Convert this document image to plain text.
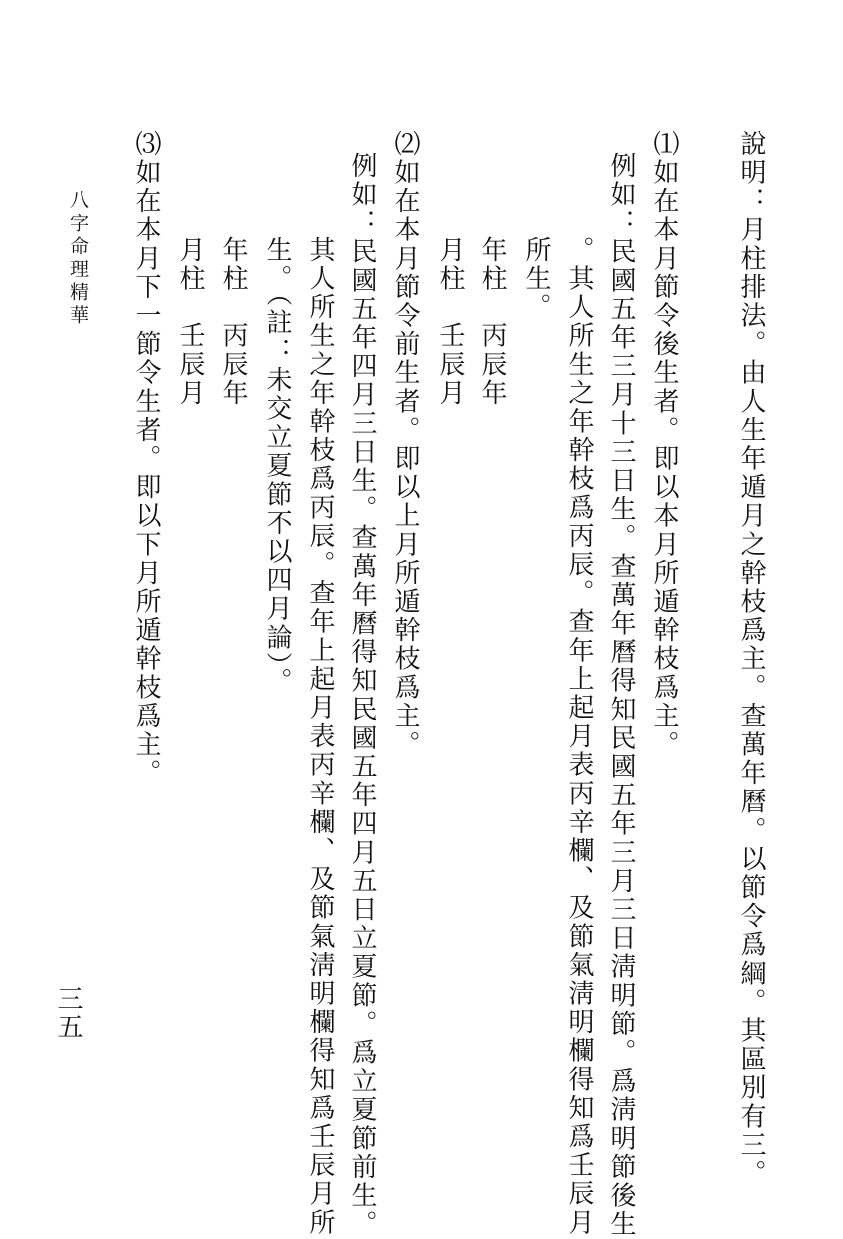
說明：月柱排法。由人生年遁月之幹枝爲主。查萬年曆。以節令爲綱。其區別有三。

⑴如在本月節令後生者。即以本月所遁幹枝爲主。

例如：民國五年三月十三日生。查萬年曆得知民國五年三月三日淸明節。爲淸明節後生

。其人所生之年幹枝爲丙辰。查年上起月表丙辛欄、及節氣淸明欄得知爲壬辰月

所生。

年柱　丙辰年

月柱　壬辰月

⑵如在本月節令前生者。即以上月所遁幹枝爲主。

例如：民國五年四月三日生。查萬年曆得知民國五年四月五日立夏節。爲立夏節前生。

其人所生之年幹枝爲丙辰。查年上起月表丙辛欄、及節氣淸明欄得知爲壬辰月所

生。（註：未交立夏節不以四月論）。

年柱　丙辰年

月柱　壬辰月

⑶如在本月下一節令生者。即以下月所遁幹枝爲主。

八字命理精華

三五
